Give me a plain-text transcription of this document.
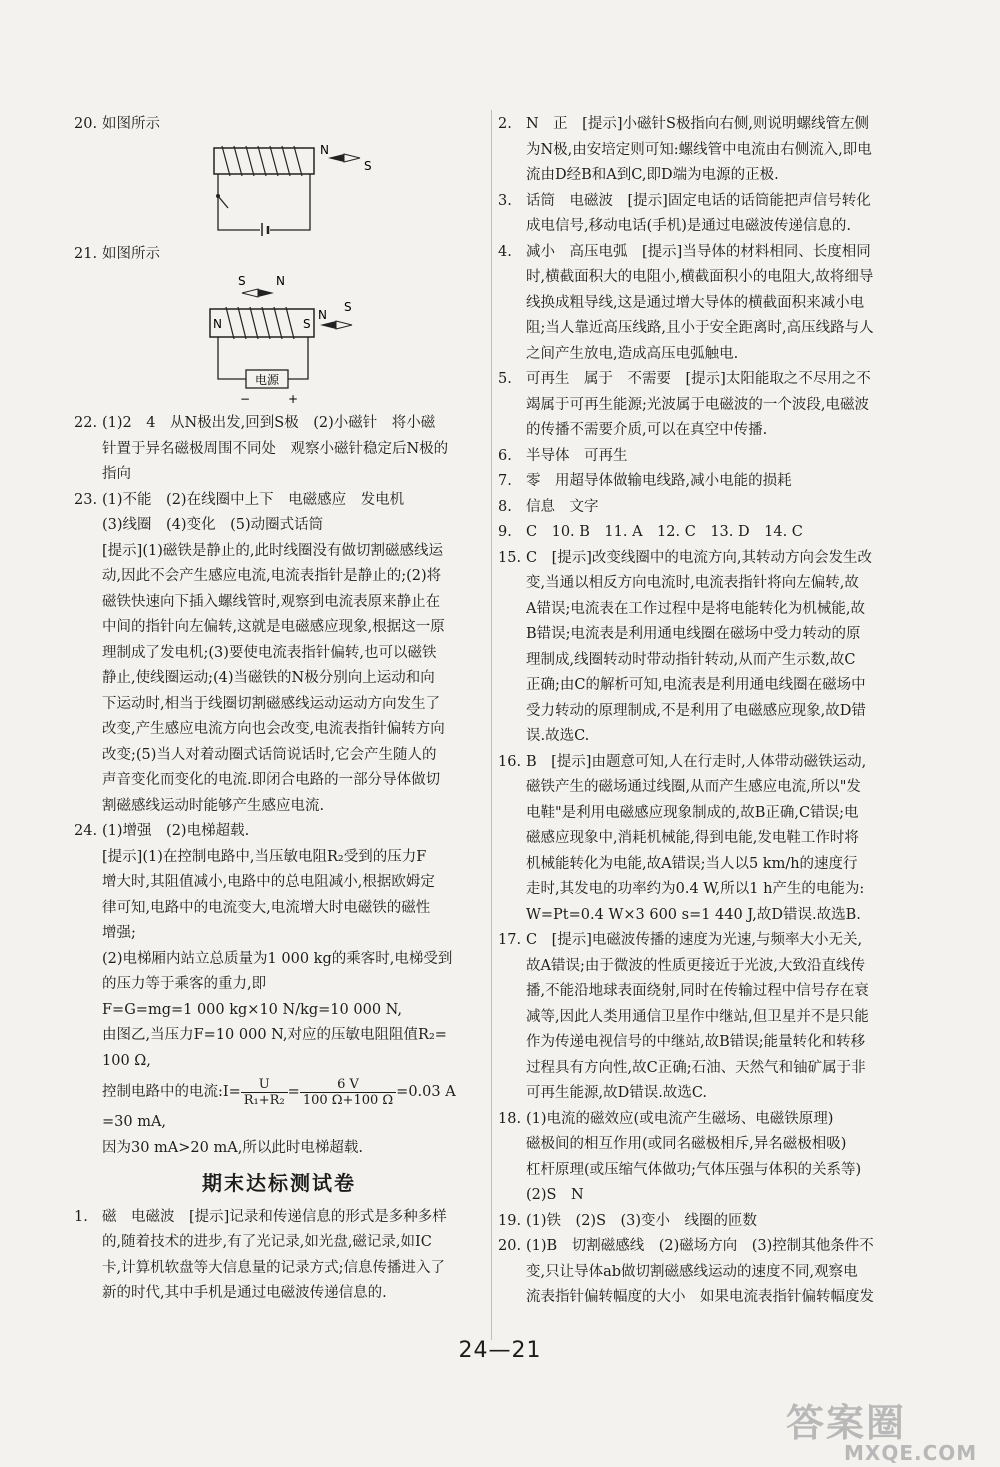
20. 如图所示
N
S
21. 如图所示
S	N
N	S
N
S
电源
−	+
22. (1)2　4　从N极出发,回到S极　(2)小磁针　将小磁
针置于异名磁极周围不同处　观察小磁针稳定后N极的
指向
23. (1)不能　(2)在线圈中上下　电磁感应　发电机
(3)线圈　(4)变化　(5)动圈式话筒
[提示](1)磁铁是静止的,此时线圈没有做切割磁感线运
动,因此不会产生感应电流,电流表指针是静止的;(2)将
磁铁快速向下插入螺线管时,观察到电流表原来静止在
中间的指针向左偏转,这就是电磁感应现象,根据这一原
理制成了发电机;(3)要使电流表指针偏转,也可以磁铁
静止,使线圈运动;(4)当磁铁的N极分别向上运动和向
下运动时,相当于线圈切割磁感线运动运动方向发生了
改变,产生感应电流方向也会改变,电流表指针偏转方向
改变;(5)当人对着动圈式话筒说话时,它会产生随人的
声音变化而变化的电流.即闭合电路的一部分导体做切
割磁感线运动时能够产生感应电流.
24. (1)增强　(2)电梯超载.
[提示](1)在控制电路中,当压敏电阻R₂受到的压力F
增大时,其阻值减小,电路中的总电阻减小,根据欧姆定
律可知,电路中的电流变大,电流增大时电磁铁的磁性
增强;
(2)电梯厢内站立总质量为1 000 kg的乘客时,电梯受到
的压力等于乘客的重力,即
F=G=mg=1 000 kg×10 N/kg=10 000 N,
由图乙,当压力F=10 000 N,对应的压敏电阻阻值R₂=
100 Ω,
控制电路中的电流:I= $\frac{U}{\text{R₁+R₂}} = \frac{6 V}{100 \Omega+100 \Omega} =0.03$ A
=30 mA,
因为30 mA>20 mA,所以此时电梯超载.
期末达标测试卷
1. 磁　电磁波　[提示]记录和传递信息的形式是多种多样
的,随着技术的进步,有了光记录,如光盘,磁记录,如IC
卡,计算机软盘等大信息量的记录方式;信息传播进入了
新的时代,其中手机是通过电磁波传递信息的.
2. N　正　[提示]小磁针S极指向右侧,则说明螺线管左侧
为N极,由安培定则可知:螺线管中电流由右侧流入,即电
流由D经B和A到C,即D端为电源的正极.
3. 话筒　电磁波　[提示]固定电话的话筒能把声信号转化
成电信号,移动电话(手机)是通过电磁波传递信息的.
4. 减小　高压电弧　[提示]当导体的材料相同、长度相同
时,横截面积大的电阻小,横截面积小的电阻大,故将细导
线换成粗导线,这是通过增大导体的横截面积来减小电
阻;当人靠近高压线路,且小于安全距离时,高压线路与人
之间产生放电,造成高压电弧触电.
5. 可再生　属于　不需要　[提示]太阳能取之不尽用之不
竭属于可再生能源;光波属于电磁波的一个波段,电磁波
的传播不需要介质,可以在真空中传播.
6. 半导体　可再生
7. 零　用超导体做输电线路,减小电能的损耗
8. 信息　文字
9. C　10. B　11. A　12. C　13. D　14. C
15. C　[提示]改变线圈中的电流方向,其转动方向会发生改
变,当通以相反方向电流时,电流表指针将向左偏转,故
A错误;电流表在工作过程中是将电能转化为机械能,故
B错误;电流表是利用通电线圈在磁场中受力转动的原
理制成,线圈转动时带动指针转动,从而产生示数,故C
正确;由C的解析可知,电流表是利用通电线圈在磁场中
受力转动的原理制成,不是利用了电磁感应现象,故D错
误.故选C.
16. B　[提示]由题意可知,人在行走时,人体带动磁铁运动,
磁铁产生的磁场通过线圈,从而产生感应电流,所以"发
电鞋"是利用电磁感应现象制成的,故B正确,C错误;电
磁感应现象中,消耗机械能,得到电能,发电鞋工作时将
机械能转化为电能,故A错误;当人以5 km/h的速度行
走时,其发电的功率约为0.4 W,所以1 h产生的电能为:
W=Pt=0.4 W×3 600 s=1 440 J,故D错误.故选B.
17. C　[提示]电磁波传播的速度为光速,与频率大小无关,
故A错误;由于微波的性质更接近于光波,大致沿直线传
播,不能沿地球表面绕射,同时在传输过程中信号存在衰
减等,因此人类用通信卫星作中继站,但卫星并不是只能
作为传递电视信号的中继站,故B错误;能量转化和转移
过程具有方向性,故C正确;石油、天然气和铀矿属于非
可再生能源,故D错误.故选C.
18. (1)电流的磁效应(或电流产生磁场、电磁铁原理)
磁极间的相互作用(或同名磁极相斥,异名磁极相吸)
杠杆原理(或压缩气体做功;气体压强与体积的关系等)
(2)S　N
19. (1)铁　(2)S　(3)变小　线圈的匝数
20. (1)B　切割磁感线　(2)磁场方向　(3)控制其他条件不
变,只让导体ab做切割磁感线运动的速度不同,观察电
流表指针偏转幅度的大小　如果电流表指针偏转幅度发
24—21
答案圈
MXQE.COM
